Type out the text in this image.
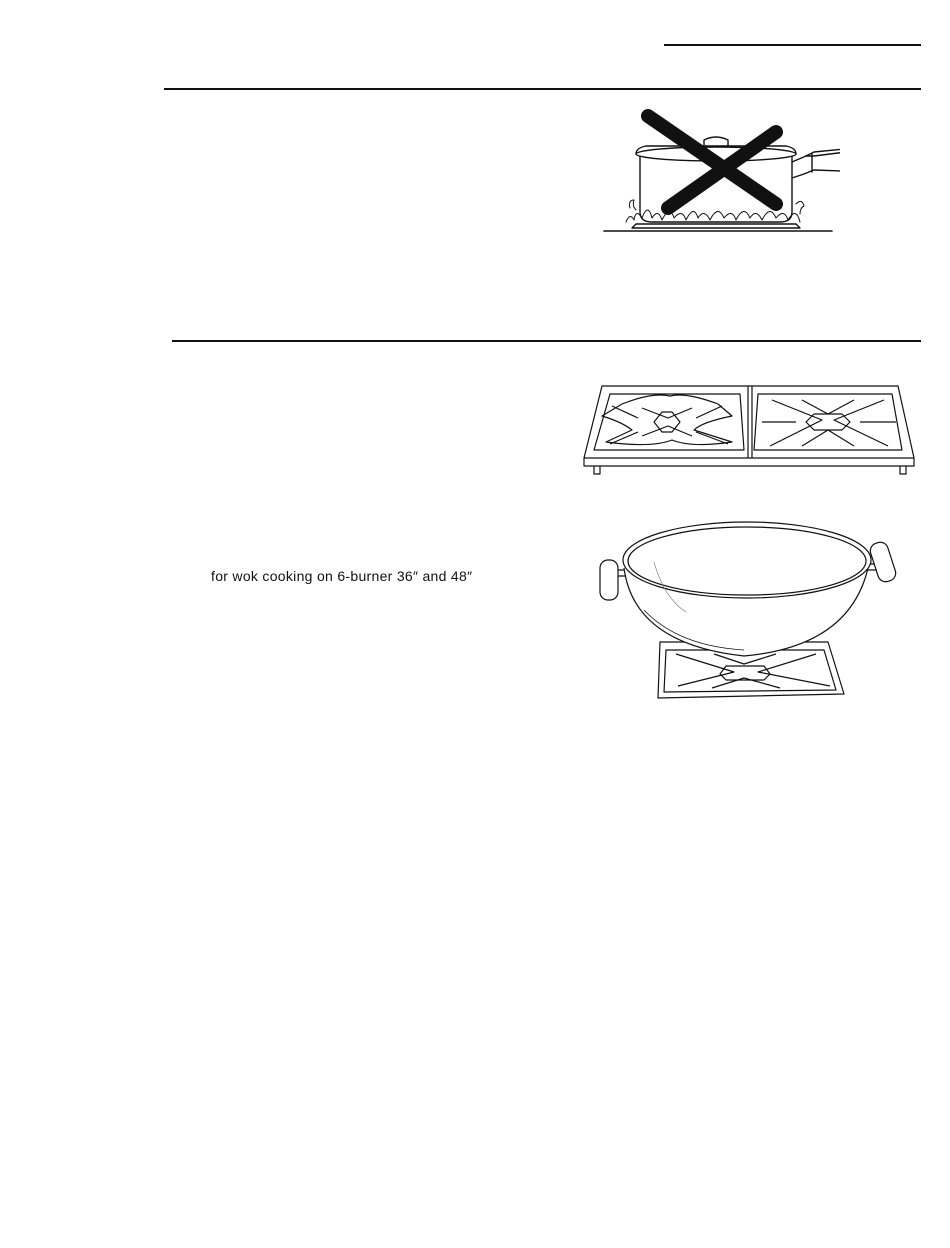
for wok cooking on 6-burner 36″ and 48″
